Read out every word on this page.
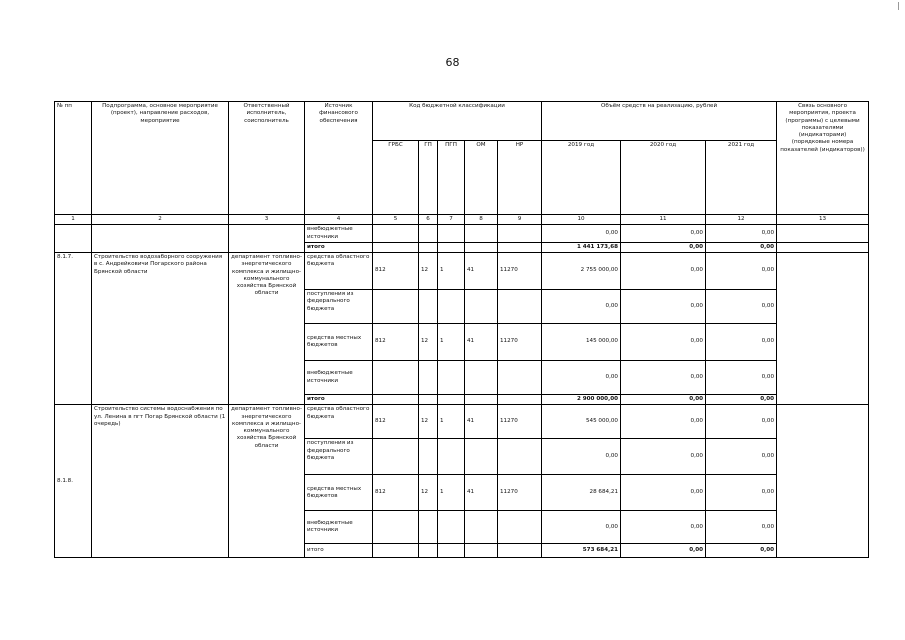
68
№ пп	Подпрограмма, основное мероприятие (проект), направление расходов, мероприятие	Ответственный исполнитель, соисполнитель	Источник финансового обеспечения	Код бюджетной классификации					Объём средств на реализацию, рублей			Связь основного мероприятия, проекта (программы) с целевыми показателями (индикаторами) (порядковые номера показателей (индикаторов))
				ГРБС	ГП	ПГП	ОМ	НР	2019 год	2020 год	2021 год	
1	2	3	4	5	6	7	8	9	10	11	12	13
			внебюджетные источники						0,00	0,00	0,00	
			итого						1 441 173,68	0,00	0,00	
8.1.7.	Строительство водозаборного сооружения в с. Андрейковичи Погарского района Брянской области	департамент топливно-энергетического комплекса и жилищно-коммунального хозяйства Брянской области	средства областного бюджета	812	12	1	41	11270	2 755 000,00	0,00	0,00	
			поступления из федерального бюджета						0,00	0,00	0,00	
			средства местных бюджетов	812	12	1	41	11270	145 000,00	0,00	0,00	
			внебюджетные источники						0,00	0,00	0,00	
			итого						2 900 000,00	0,00	0,00	
8.1.8.	Строительство системы водоснабжения по ул. Ленина в пгт Погар Брянской области (1 очередь)	департамент топливно-энергетического комплекса и жилищно-коммунального хозяйства Брянской области	средства областного бюджета	812	12	1	41	11270	545 000,00	0,00	0,00	
			поступления из федерального бюджета						0,00	0,00	0,00	
			средства местных бюджетов	812	12	1	41	11270	28 684,21	0,00	0,00	
			внебюджетные источники						0,00	0,00	0,00	
			итого						573 684,21	0,00	0,00	
